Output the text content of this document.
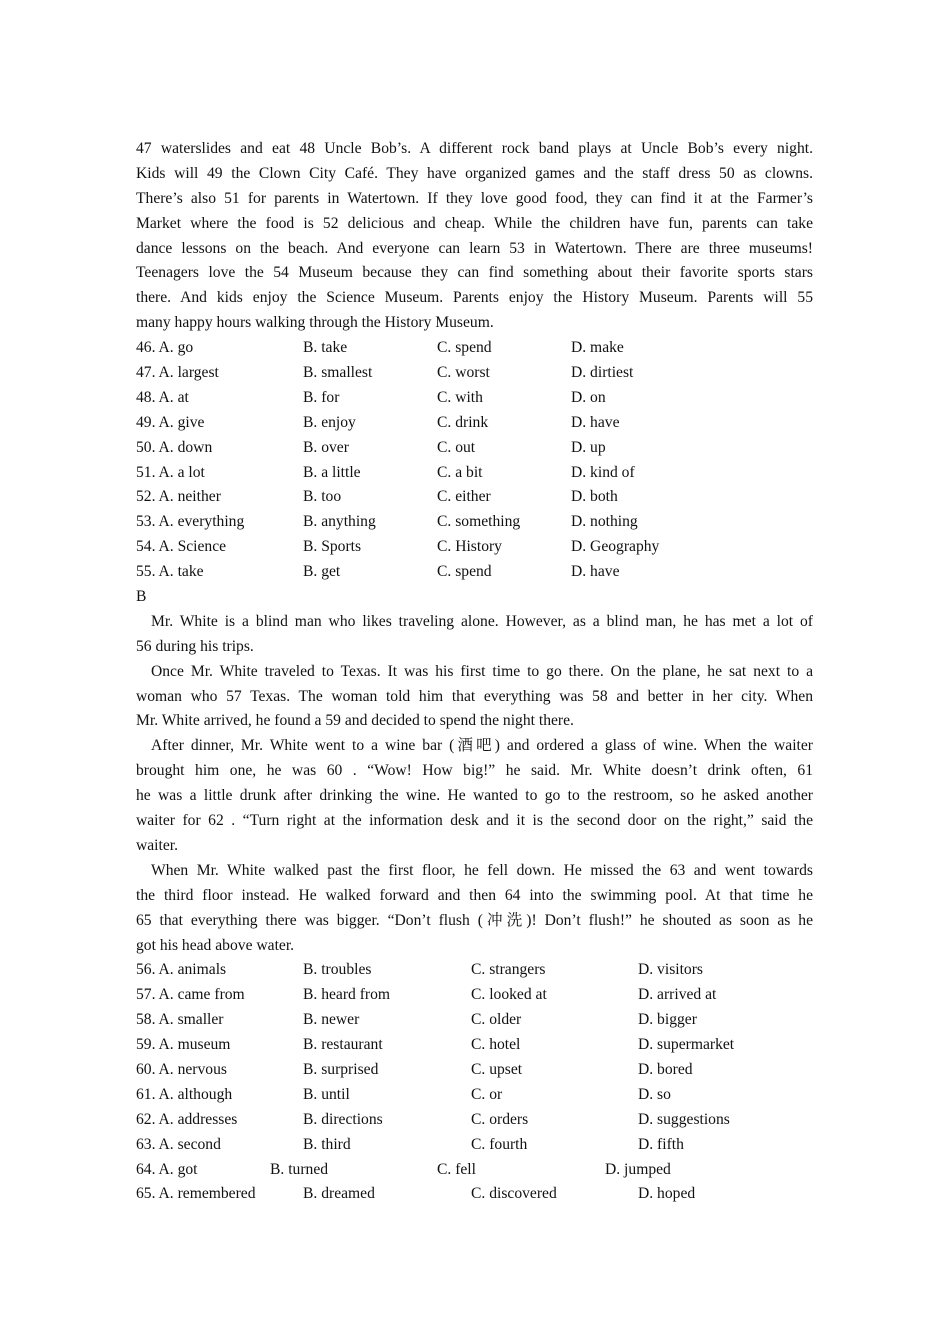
47 waterslides and eat 48 Uncle Bob’s. A different rock band plays at Uncle Bob’s every night.
Kids will 49 the Clown City Café. They have organized games and the staff dress 50 as clowns.
There’s also 51 for parents in Watertown. If they love good food, they can find it at the Farmer’s
Market where the food is 52 delicious and cheap. While the children have fun, parents can take
dance lessons on the beach. And everyone can learn 53 in Watertown. There are three museums!
Teenagers love the 54 Museum because they can find something about their favorite sports stars
there. And kids enjoy the Science Museum. Parents enjoy the History Museum. Parents will 55
many happy hours walking through the History Museum.
46. A. go	B. take	C. spend	D. make
47. A. largest	B. smallest	C. worst	D. dirtiest
48. A. at	B. for	C. with	D. on
49. A. give	B. enjoy	C. drink	D. have
50. A. down	B. over	C. out	D. up
51. A. a lot	B. a little	C. a bit	D. kind of
52. A. neither	B. too	C. either	D. both
53. A. everything	B. anything	C. something	D. nothing
54. A. Science	B. Sports	C. History	D. Geography
55. A. take	B. get	C. spend	D. have
B
Mr. White is a blind man who likes traveling alone. However, as a blind man, he has met a lot of
56 during his trips.
Once Mr. White traveled to Texas. It was his first time to go there. On the plane, he sat next to a
woman who 57 Texas. The woman told him that everything was 58 and better in her city. When
Mr. White arrived, he found a 59 and decided to spend the night there.
After dinner, Mr. White went to a wine bar (酒吧) and ordered a glass of wine. When the waiter
brought him one, he was 60 . “Wow! How big!” he said. Mr. White doesn’t drink often, 61
he was a little drunk after drinking the wine. He wanted to go to the restroom, so he asked another
waiter for 62 . “Turn right at the information desk and it is the second door on the right,” said the
waiter.
When Mr. White walked past the first floor, he fell down. He missed the 63 and went towards
the third floor instead. He walked forward and then 64 into the swimming pool. At that time he
65 that everything there was bigger. “Don’t flush (冲洗)! Don’t flush!” he shouted as soon as he
got his head above water.
56. A. animals	B. troubles	C. strangers	D. visitors
57. A. came from	B. heard from	C. looked at	D. arrived at
58. A. smaller	B. newer	C. older	D. bigger
59. A. museum	B. restaurant	C. hotel	D. supermarket
60. A. nervous	B. surprised	C. upset	D. bored
61. A. although	B. until	C. or	D. so
62. A. addresses	B. directions	C. orders	D. suggestions
63. A. second	B. third	C. fourth	D. fifth
64. A. got	B. turned	C. fell	D. jumped
65. A. remembered	B. dreamed	C. discovered	D. hoped
